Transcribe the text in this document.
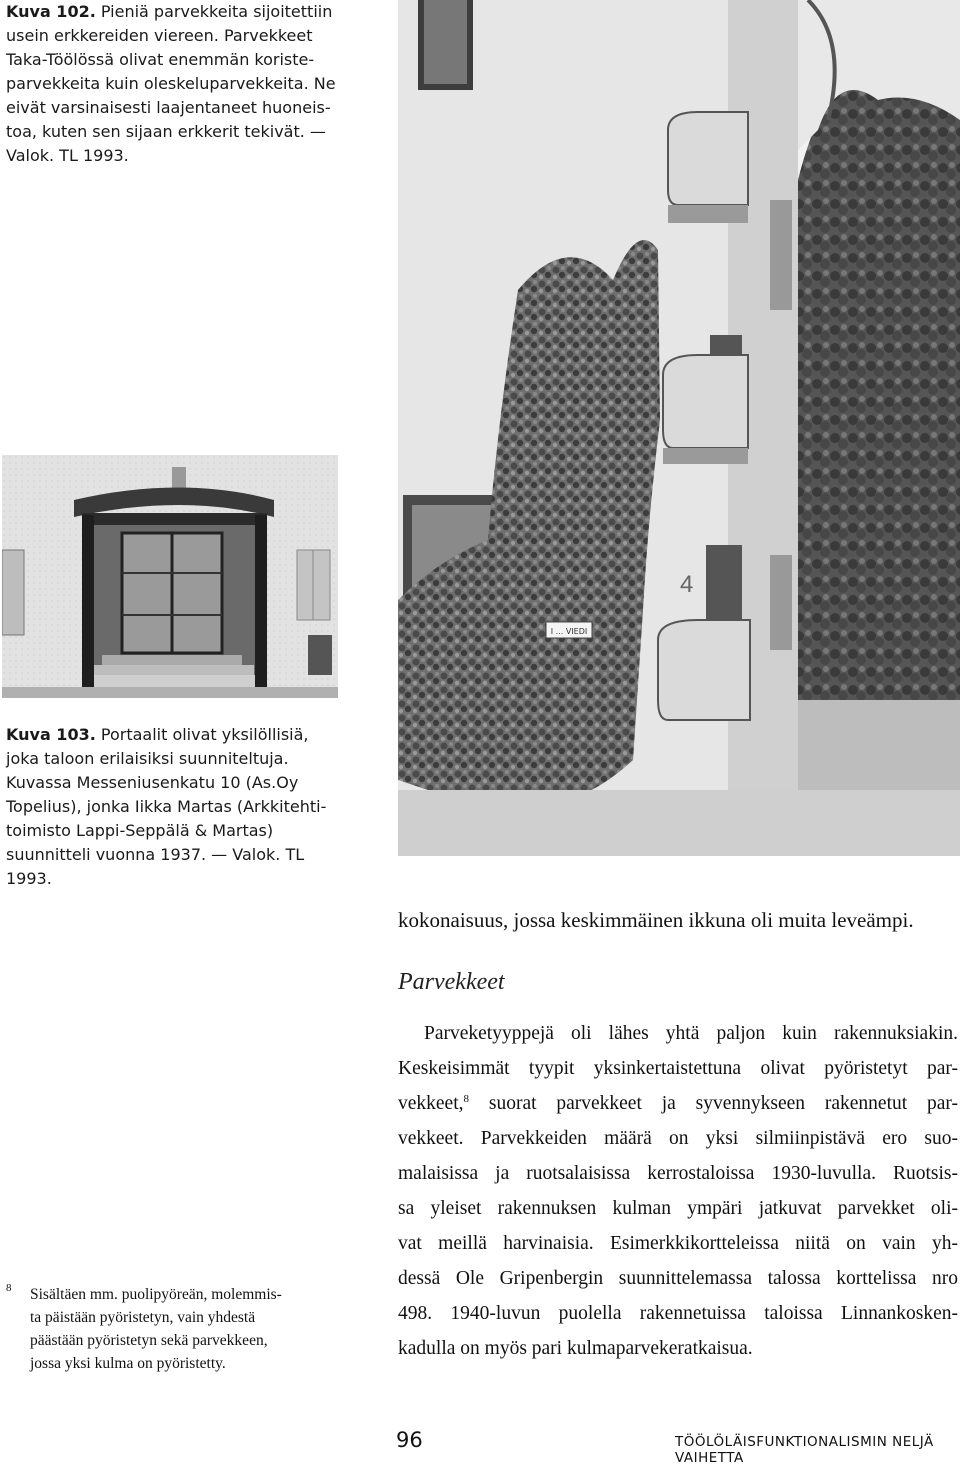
Kuva 102. Pieniä parvekkeita sijoitettiin
usein erkkereiden viereen. Parvekkeet
Taka-Töölössä olivat enemmän koriste-
parvekkeita kuin oleskeluparvekkeita. Ne
eivät varsinaisesti laajentaneet huoneis-
toa, kuten sen sijaan erkkerit tekivät. —
Valok. TL 1993.
Kuva 103. Portaalit olivat yksilöllisiä,
joka taloon erilaisiksi suunniteltuja.
Kuvassa Messeniusenkatu 10 (As.Oy
Topelius), jonka Iikka Martas (Arkkitehti-
toimisto Lappi-Seppälä & Martas)
suunnitteli vuonna 1937. — Valok. TL
1993.
I ... VIEDI
4
kokonaisuus, jossa keskimmäinen ikkuna oli muita leveämpi.
Parvekkeet
Parveketyyppejä oli lähes yhtä paljon kuin rakennuksiakin.
Keskeisimmät tyypit yksinkertaistettuna olivat pyöristetyt par-
vekkeet,$^8$ suorat parvekkeet ja syvennykseen rakennetut par-
vekkeet. Parvekkeiden määrä on yksi silmiinpistävä ero suo-
malaisissa ja ruotsalaisissa kerrostaloissa 1930-luvulla. Ruotsis-
sa yleiset rakennuksen kulman ympäri jatkuvat parvekket oli-
vat meillä harvinaisia. Esimerkkikortteleissa niitä on vain yh-
dessä Ole Gripenbergin suunnittelemassa talossa korttelissa nro
498. 1940-luvun puolella rakennetuissa taloissa Linnankosken-
kadulla on myös pari kulmaparvekeratkaisua.
8	Sisältäen mm. puolipyöreän, molemmis-
ta päistään pyöristetyn, vain yhdestä
päästään pyöristetyn sekä parvekkeen,
jossa yksi kulma on pyöristetty.
96	TÖÖLÖLÄISFUNKTIONALISMIN NELJÄ VAIHETTA
